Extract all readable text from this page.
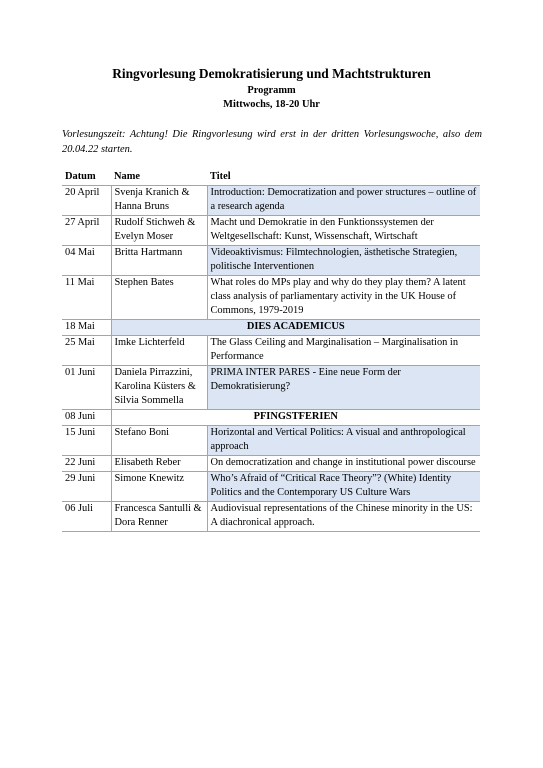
Ringvorlesung Demokratisierung und Machtstrukturen
Programm
Mittwochs, 18-20 Uhr
Vorlesungszeit: Achtung! Die Ringvorlesung wird erst in der dritten Vorlesungswoche, also dem 20.04.22 starten.
Datum	Name	Titel
20 April	Svenja Kranich & Hanna Bruns	Introduction: Democratization and power structures – outline of a research agenda
27 April	Rudolf Stichweh & Evelyn Moser	Macht und Demokratie in den Funktionssystemen der Weltgesellschaft: Kunst, Wissenschaft, Wirtschaft
04 Mai	Britta Hartmann	Videoaktivismus: Filmtechnologien, ästhetische Strategien, politische Interventionen
11 Mai	Stephen Bates	What roles do MPs play and why do they play them? A latent class analysis of parliamentary activity in the UK House of Commons, 1979-2019
18 Mai	DIES ACADEMICUS	
25 Mai	Imke Lichterfeld	The Glass Ceiling and Marginalisation – Marginalisation in Performance
01 Juni	Daniela Pirrazzini, Karolina Küsters & Silvia Sommella	PRIMA INTER PARES - Eine neue Form der Demokratisierung?
08 Juni	PFINGSTFERIEN	
15 Juni	Stefano Boni	Horizontal and Vertical Politics: A visual and anthropological approach
22 Juni	Elisabeth Reber	On democratization and change in institutional power discourse
29 Juni	Simone Knewitz	Who’s Afraid of “Critical Race Theory”? (White) Identity Politics and the Contemporary US Culture Wars
06 Juli	Francesca Santulli & Dora Renner	Audiovisual representations of the Chinese minority in the US: A diachronical approach.
